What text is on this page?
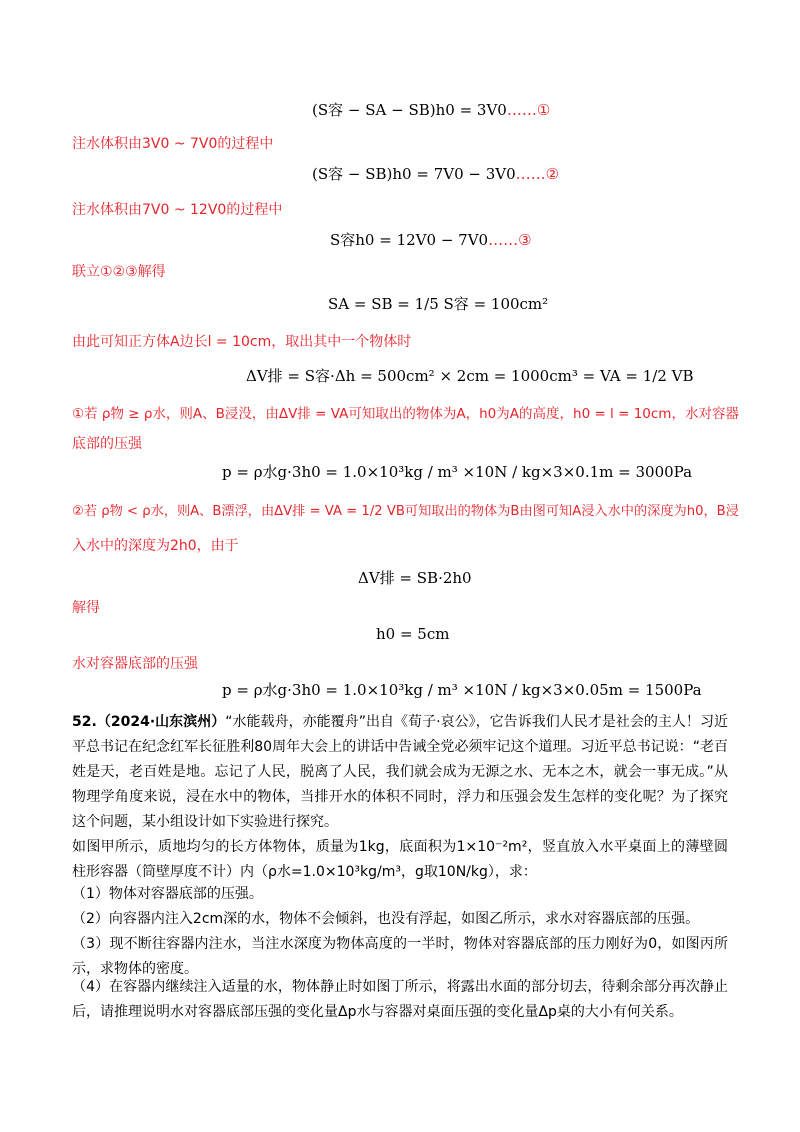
(S容 − SA − SB)h0 = 3V0……①
注水体积由3V0 ~ 7V0的过程中
(S容 − SB)h0 = 7V0 − 3V0……②
注水体积由7V0 ~ 12V0的过程中
S容h0 = 12V0 − 7V0……③
联立①②③解得
SA = SB = 1/5 S容 = 100cm²
由此可知正方体A边长l = 10cm，取出其中一个物体时
ΔV排 = S容·Δh = 500cm² × 2cm = 1000cm³ = VA = 1/2 VB
①若 ρ物 ≥ ρ水，则A、B浸没，由ΔV排 = VA可知取出的物体为A，h0为A的高度，h0 = l = 10cm，水对容器
底部的压强
p = ρ水g·3h0 = 1.0×10³kg / m³ ×10N / kg×3×0.1m = 3000Pa
②若 ρ物 < ρ水，则A、B漂浮，由ΔV排 = VA = 1/2 VB可知取出的物体为B由图可知A浸入水中的深度为h0，B浸
入水中的深度为2h0，由于
ΔV排 = SB·2h0
解得
h0 = 5cm
水对容器底部的压强
p = ρ水g·3h0 = 1.0×10³kg / m³ ×10N / kg×3×0.05m = 1500Pa
52.（2024·山东滨州）“水能载舟，亦能覆舟”出自《荀子·哀公》，它告诉我们人民才是社会的主人！习近平总书记在纪念红军长征胜利80周年大会上的讲话中告诫全党必须牢记这个道理。习近平总书记说：“老百姓是天，老百姓是地。忘记了人民，脱离了人民，我们就会成为无源之水、无本之木，就会一事无成。”从物理学角度来说，浸在水中的物体，当排开水的体积不同时，浮力和压强会发生怎样的变化呢？为了探究这个问题，某小组设计如下实验进行探究。
如图甲所示，质地均匀的长方体物体，质量为1kg，底面积为1×10⁻²m²，竖直放入水平桌面上的薄壁圆柱形容器（筒壁厚度不计）内（ρ水=1.0×10³kg/m³，g取10N/kg），求：
（1）物体对容器底部的压强。
（2）向容器内注入2cm深的水，物体不会倾斜，也没有浮起，如图乙所示，求水对容器底部的压强。
（3）现不断往容器内注水，当注水深度为物体高度的一半时，物体对容器底部的压力刚好为0，如图丙所示，求物体的密度。
（4）在容器内继续注入适量的水，物体静止时如图丁所示，将露出水面的部分切去，待剩余部分再次静止后，请推理说明水对容器底部压强的变化量Δp水与容器对桌面压强的变化量Δp桌的大小有何关系。
